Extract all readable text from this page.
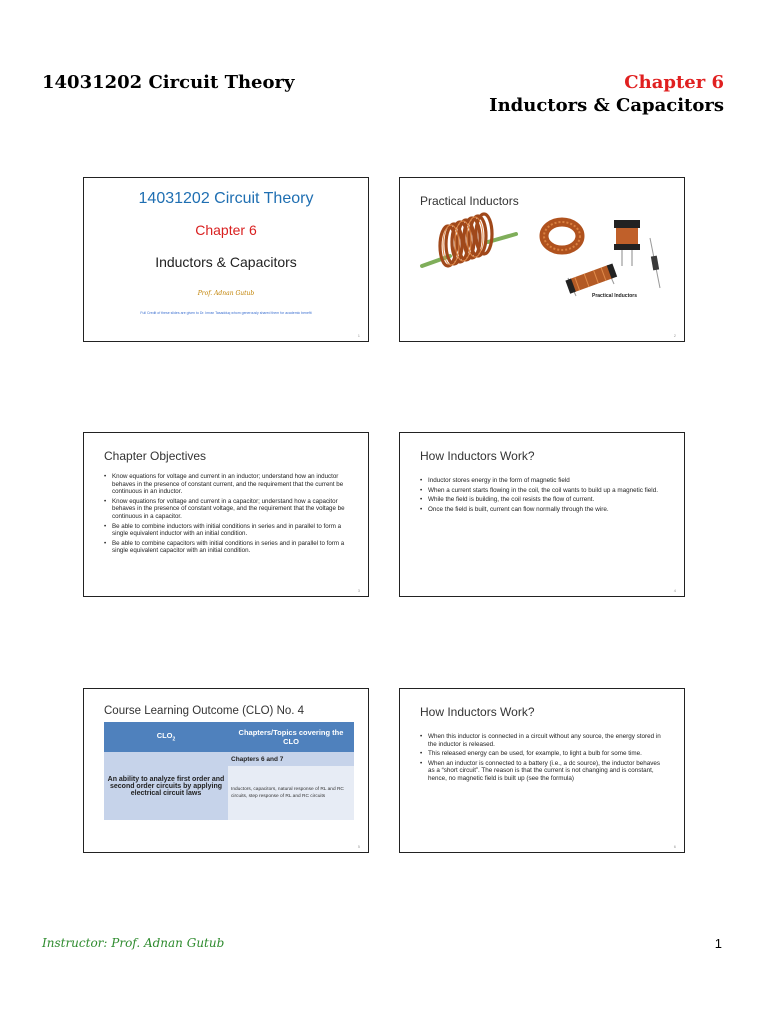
14031202 Circuit Theory	Chapter 6
Inductors & Capacitors
14031202 Circuit Theory
Chapter 6
Inductors & Capacitors
Prof. Adnan Gutub
Full Credit of these slides are given to Dr. Imran Tasadduq whom generously shared them for academic benefit
1
Practical Inductors
Practical Inductors
2
Chapter Objectives
• Know equations for voltage and current in an inductor; understand how an inductor behaves in the presence of constant current, and the requirement that the current be continuous in an inductor.
• Know equations for voltage and current in a capacitor; understand how a capacitor behaves in the presence of constant voltage, and the requirement that the voltage be continuous in a capacitor.
• Be able to combine inductors with initial conditions in series and in parallel to form a single equivalent inductor with an initial condition.
• Be able to combine capacitors with initial conditions in series and in parallel to form a single equivalent capacitor with an initial condition.
3
How Inductors Work?
• Inductor stores energy in the form of magnetic field
• When a current starts flowing in the coil, the coil wants to build up a magnetic field.
• While the field is building, the coil resists the flow of current.
• Once the field is built, current can flow normally through the wire.
4
Course Learning Outcome (CLO) No. 4
$CLO_2$	Chapters/Topics covering the CLO
An ability to analyze first order and second order circuits by applying electrical circuit laws	Chapters 6 and 7
	Inductors, capacitors, natural response of RL and RC circuits, step response of RL and RC circuits
5
How Inductors Work?
• When this inductor is connected in a circuit without any source, the energy stored in the inductor is released.
• This released energy can be used, for example, to light a bulb for some time.
• When an inductor is connected to a battery (i.e., a dc source), the inductor behaves as a “short circuit”. The reason is that the current is not changing and is constant, hence, no magnetic field is built up (see the formula)
6
Instructor: Prof. Adnan Gutub	1
